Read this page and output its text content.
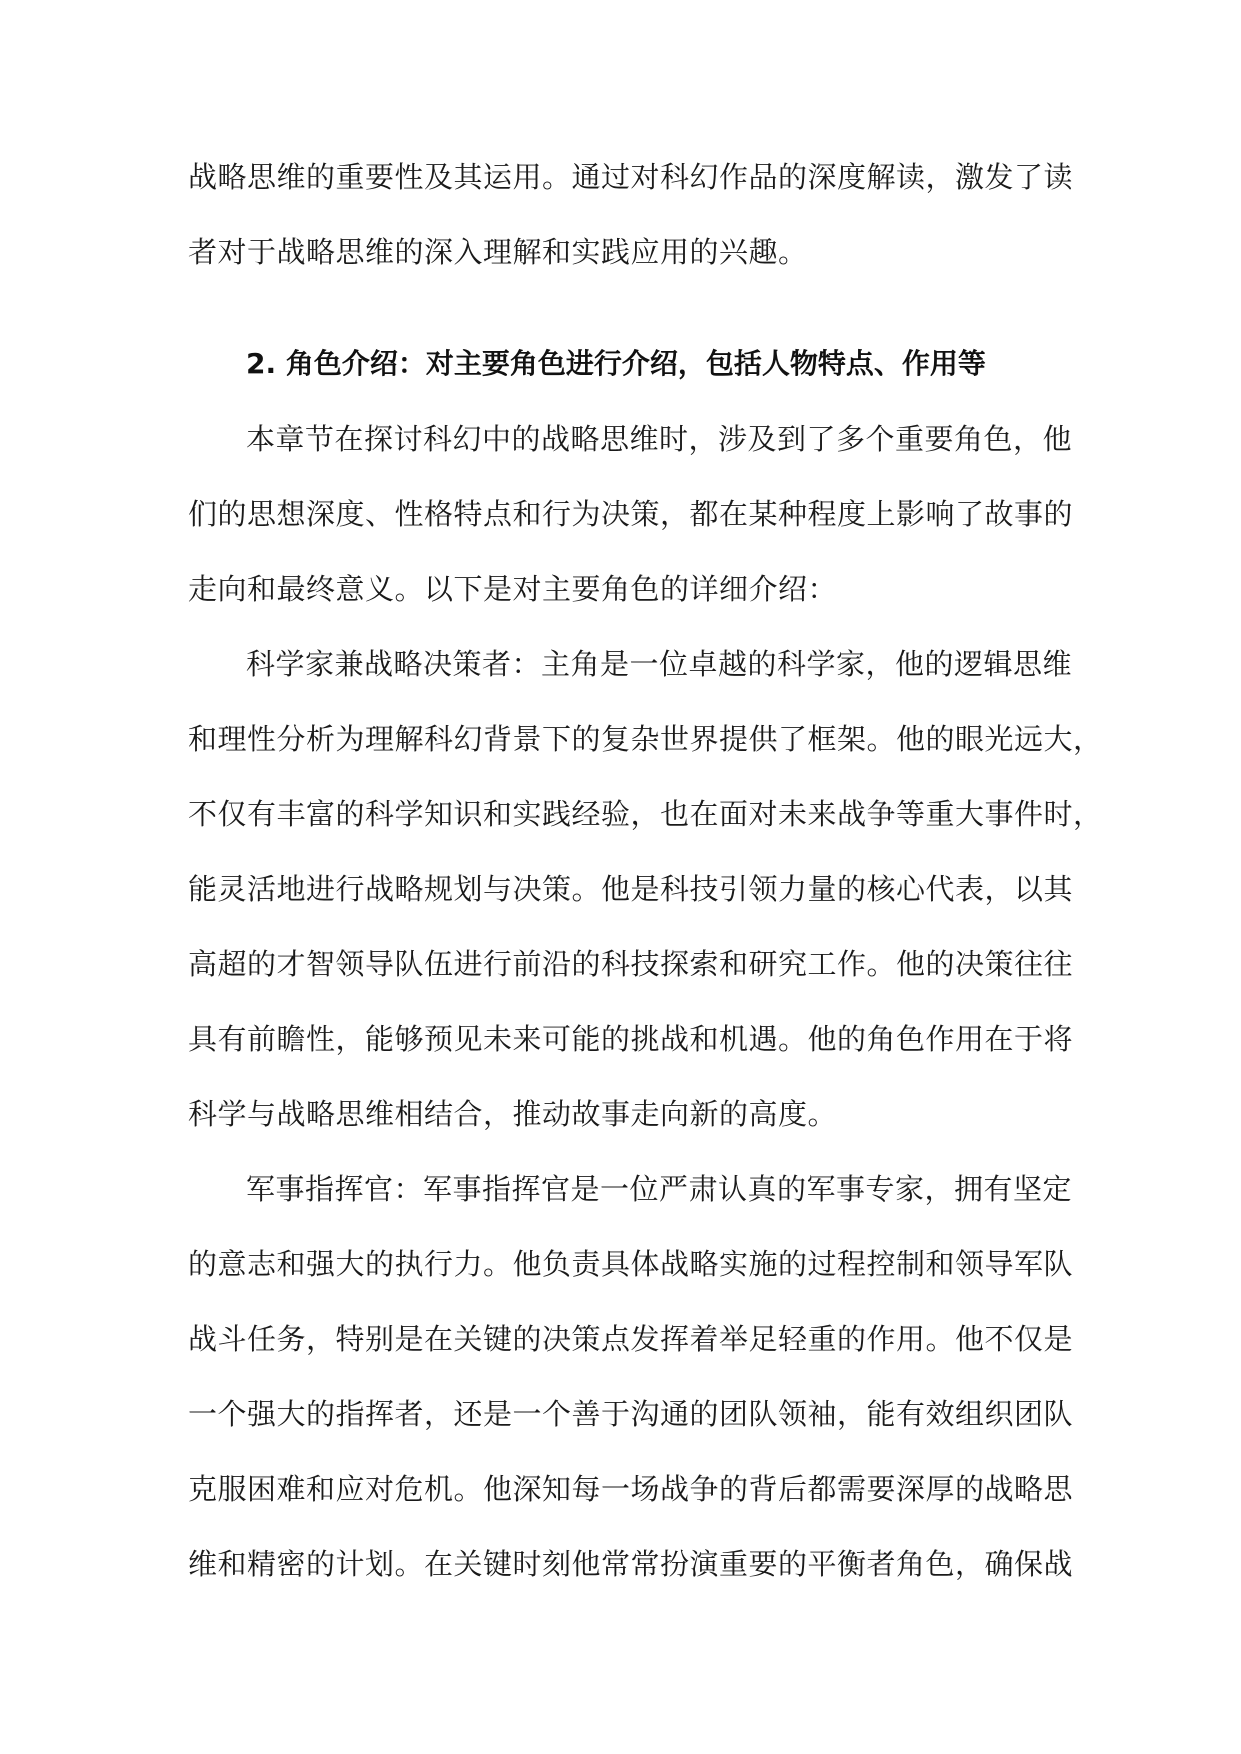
战略思维的重要性及其运用。通过对科幻作品的深度解读，激发了读
者对于战略思维的深入理解和实践应用的兴趣。
2. 角色介绍：对主要角色进行介绍，包括人物特点、作用等
本章节在探讨科幻中的战略思维时，涉及到了多个重要角色，他
们的思想深度、性格特点和行为决策，都在某种程度上影响了故事的
走向和最终意义。以下是对主要角色的详细介绍：
科学家兼战略决策者：主角是一位卓越的科学家，他的逻辑思维
和理性分析为理解科幻背景下的复杂世界提供了框架。他的眼光远大，
不仅有丰富的科学知识和实践经验，也在面对未来战争等重大事件时，
能灵活地进行战略规划与决策。他是科技引领力量的核心代表，以其
高超的才智领导队伍进行前沿的科技探索和研究工作。他的决策往往
具有前瞻性，能够预见未来可能的挑战和机遇。他的角色作用在于将
科学与战略思维相结合，推动故事走向新的高度。
军事指挥官：军事指挥官是一位严肃认真的军事专家，拥有坚定
的意志和强大的执行力。他负责具体战略实施的过程控制和领导军队
战斗任务，特别是在关键的决策点发挥着举足轻重的作用。他不仅是
一个强大的指挥者，还是一个善于沟通的团队领袖，能有效组织团队
克服困难和应对危机。他深知每一场战争的背后都需要深厚的战略思
维和精密的计划。在关键时刻他常常扮演重要的平衡者角色，确保战
